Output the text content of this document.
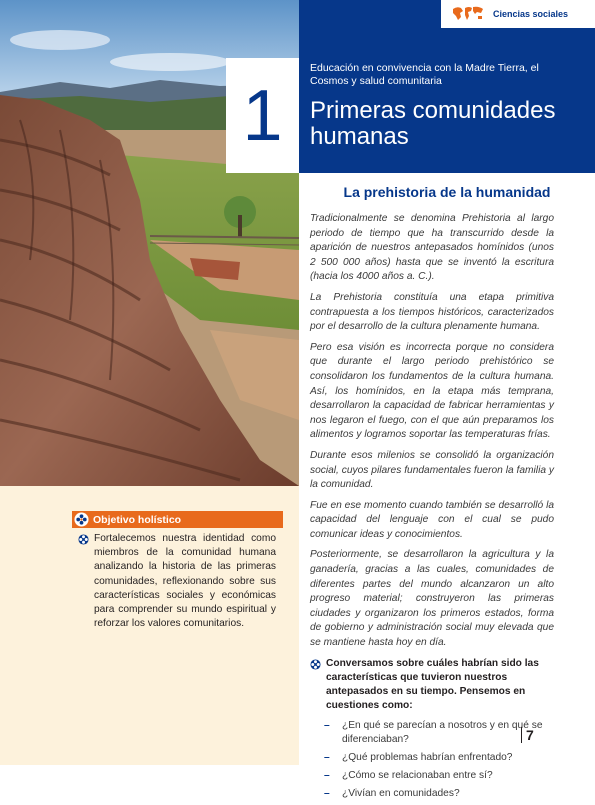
Ciencias sociales
Educación en convivencia con la Madre Tierra, el Cosmos y salud comunitaria
Primeras comunidades humanas
1
La prehistoria de la humanidad

Tradicionalmente se denomina Prehistoria al largo periodo de tiempo que ha transcurrido desde la aparición de nuestros antepasados homínidos (unos 2 500 000 años) hasta que se inventó la escritura (hacia los 4000 años a. C.).

La Prehistoria constituía una etapa primitiva contrapuesta a los tiempos históricos, caracterizados por el desarrollo de la cultura plenamente humana.

Pero esa visión es incorrecta porque no considera que durante el largo periodo prehistórico se consolidaron los fundamentos de la cultura humana. Así, los homínidos, en la etapa más temprana, desarrollaron la capacidad de fabricar herramientas y nos legaron el fuego, con el que aún preparamos los alimentos y logramos soportar las temperaturas frías.

Durante esos milenios se consolidó la organización social, cuyos pilares fundamentales fueron la familia y la comunidad.

Fue en ese momento cuando también se desarrolló la capacidad del lenguaje con el cual se pudo comunicar ideas y conocimientos.

Posteriormente, se desarrollaron la agricultura y la ganadería, gracias a las cuales, comunidades de diferentes partes del mundo alcanzaron un alto progreso material; construyeron las primeras ciudades y organizaron los primeros estados, forma de gobierno y administración social muy elevada que se mantiene hasta hoy en día.

Conversamos sobre cuáles habrían sido las características que tuvieron nuestros antepasados en su tiempo. Pensemos en cuestiones como:
– ¿En qué se parecían a nosotros y en qué se diferenciaban?
– ¿Qué problemas habrían enfrentado?
– ¿Cómo se relacionaban entre sí?
– ¿Vivían en comunidades?
Objetivo holístico
Fortalecemos nuestra identidad como miembros de la comunidad humana analizando la historia de las primeras comunidades, reflexionando sobre sus características sociales y económicas para comprender su mundo espiritual y reforzar los valores comunitarios.
7
